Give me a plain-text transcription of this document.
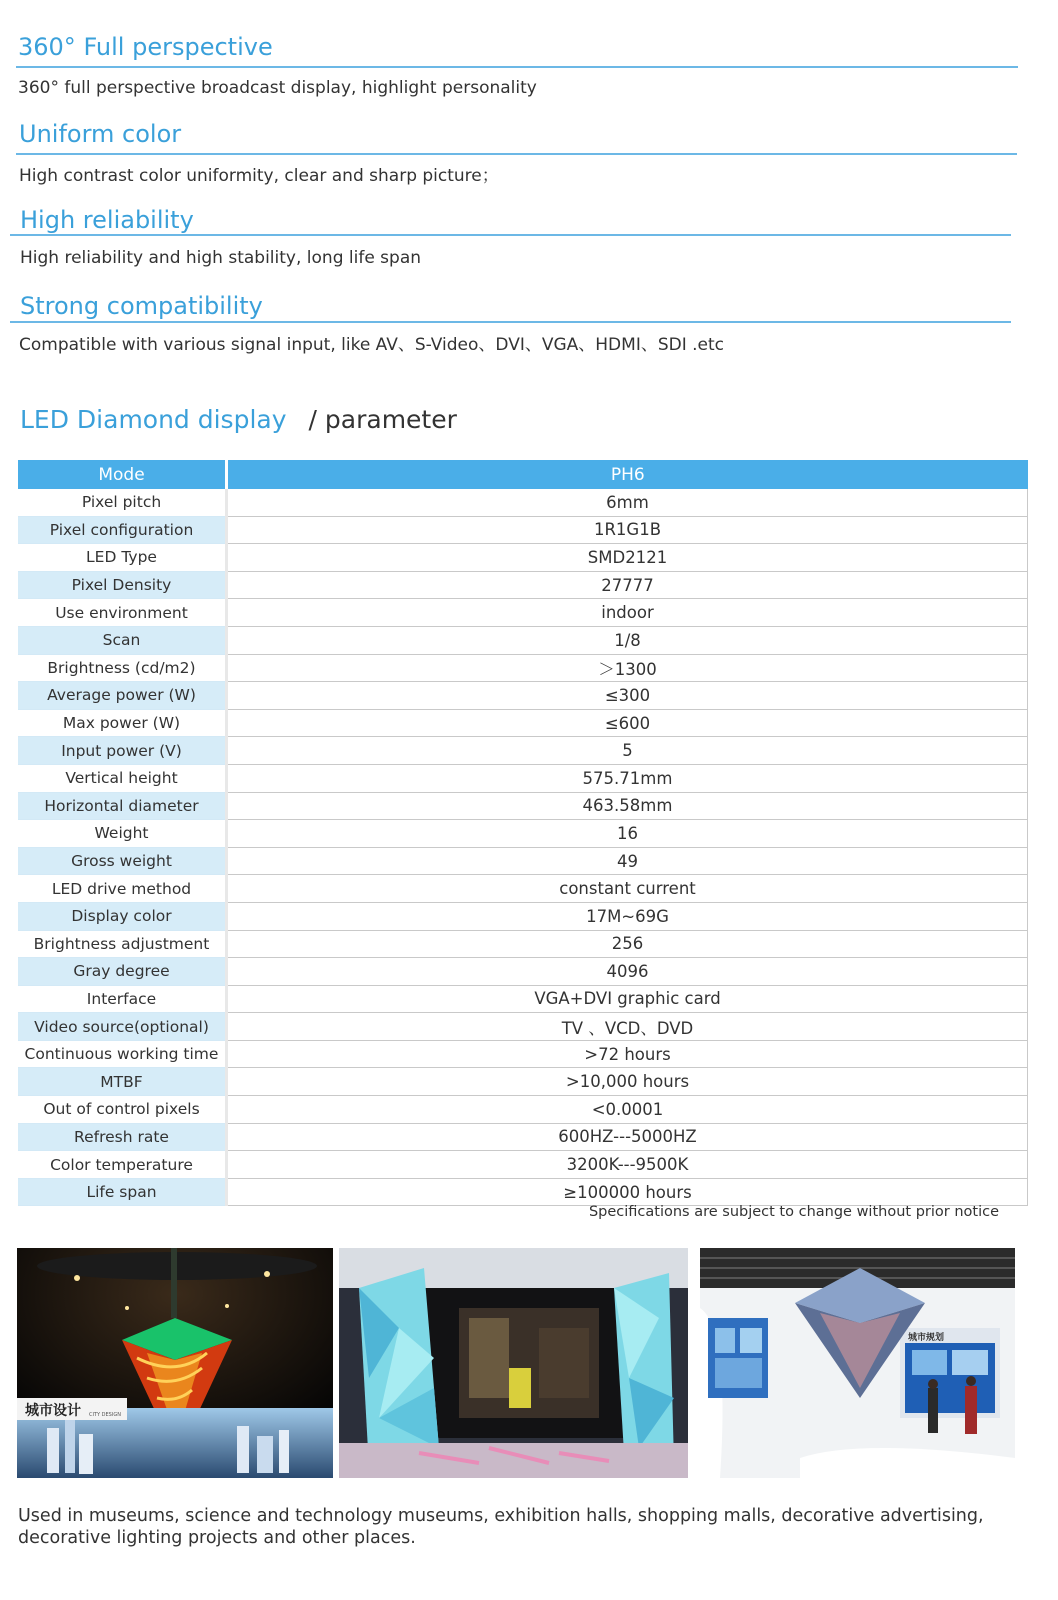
360° Full perspective
360° full perspective broadcast display, highlight personality
Uniform color
High contrast color uniformity, clear and sharp picture；
High reliability
High reliability and high stability, long life span
Strong compatibility
Compatible with various signal input, like AV、S-Video、DVI、VGA、HDMI、SDI .etc
LED Diamond display / parameter
Mode	PH6
Pixel pitch	6mm
Pixel configuration	1R1G1B
LED Type	SMD2121
Pixel Density	27777
Use environment	indoor
Scan	1/8
Brightness (cd/m2)	＞1300
Average power (W)	≤300
Max power (W)	≤600
Input power (V)	5
Vertical height	575.71mm
Horizontal diameter	463.58mm
Weight	16
Gross weight	49
LED drive method	constant current
Display color	17M~69G
Brightness adjustment	256
Gray degree	4096
Interface	VGA+DVI graphic card
Video source(optional)	TV 、VCD、DVD
Continuous working time	>72 hours
MTBF	>10,000 hours
Out of control pixels	<0.0001
Refresh rate	600HZ---5000HZ
Color temperature	3200K---9500K
Life span	≥100000 hours
Specifications are subject to change without prior notice
城市设计 CITY DESIGN
城市规划
Used in museums, science and technology museums, exhibition halls, shopping malls, decorative advertising, decorative lighting projects and other places.
